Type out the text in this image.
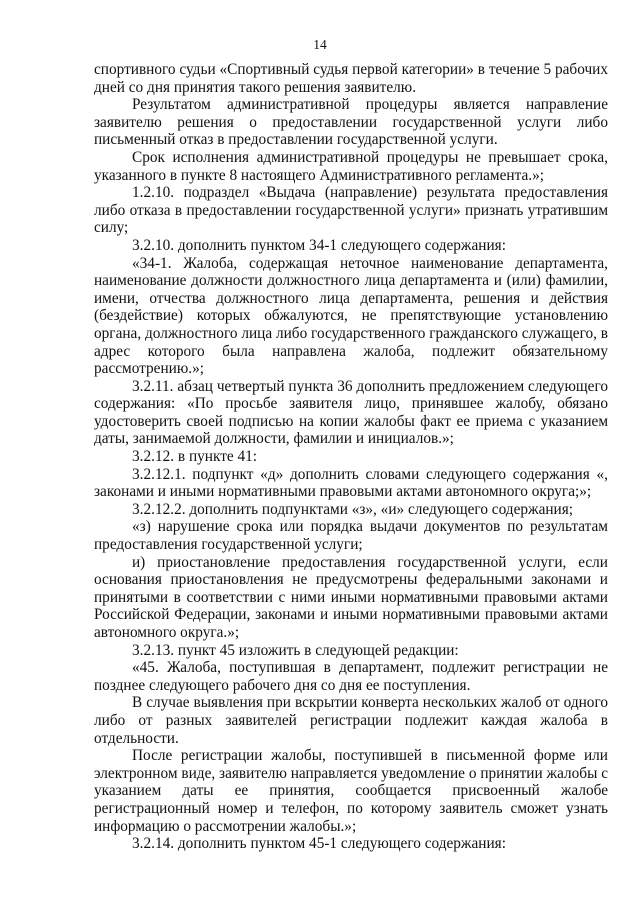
14

спортивного судьи «Спортивный судья первой категории» в течение 5 рабочих дней со дня принятия такого решения заявителю.

Результатом административной процедуры является направление заявителю решения о предоставлении государственной услуги либо письменный отказ в предоставлении государственной услуги.

Срок исполнения административной процедуры не превышает срока, указанного в пункте 8 настоящего Административного регламента.»;

1.2.10. подраздел «Выдача (направление) результата предоставления либо отказа в предоставлении государственной услуги» признать утратившим силу;

3.2.10. дополнить пунктом 34-1 следующего содержания:

«34-1. Жалоба, содержащая неточное наименование департамента, наименование должности должностного лица департамента и (или) фамилии, имени, отчества должностного лица департамента, решения и действия (бездействие) которых обжалуются, не препятствующие установлению органа, должностного лица либо государственного гражданского служащего, в адрес которого была направлена жалоба, подлежит обязательному рассмотрению.»;

3.2.11. абзац четвертый пункта 36 дополнить предложением следующего содержания: «По просьбе заявителя лицо, принявшее жалобу, обязано удостоверить своей подписью на копии жалобы факт ее приема с указанием даты, занимаемой должности, фамилии и инициалов.»;

3.2.12. в пункте 41:

3.2.12.1. подпункт «д» дополнить словами следующего содержания «, законами и иными нормативными правовыми актами автономного округа;»;

3.2.12.2. дополнить подпунктами «з», «и» следующего содержания;

«з) нарушение срока или порядка выдачи документов по результатам предоставления государственной услуги;

и) приостановление предоставления государственной услуги, если основания приостановления не предусмотрены федеральными законами и принятыми в соответствии с ними иными нормативными правовыми актами Российской Федерации, законами и иными нормативными правовыми актами автономного округа.»;

3.2.13. пункт 45 изложить в следующей редакции:

«45. Жалоба, поступившая в департамент, подлежит регистрации не позднее следующего рабочего дня со дня ее поступления.

В случае выявления при вскрытии конверта нескольких жалоб от одного либо от разных заявителей регистрации подлежит каждая жалоба в отдельности.

После регистрации жалобы, поступившей в письменной форме или электронном виде, заявителю направляется уведомление о принятии жалобы с указанием даты ее принятия, сообщается присвоенный жалобе регистрационный номер и телефон, по которому заявитель сможет узнать информацию о рассмотрении жалобы.»;

3.2.14. дополнить пунктом 45-1 следующего содержания:
